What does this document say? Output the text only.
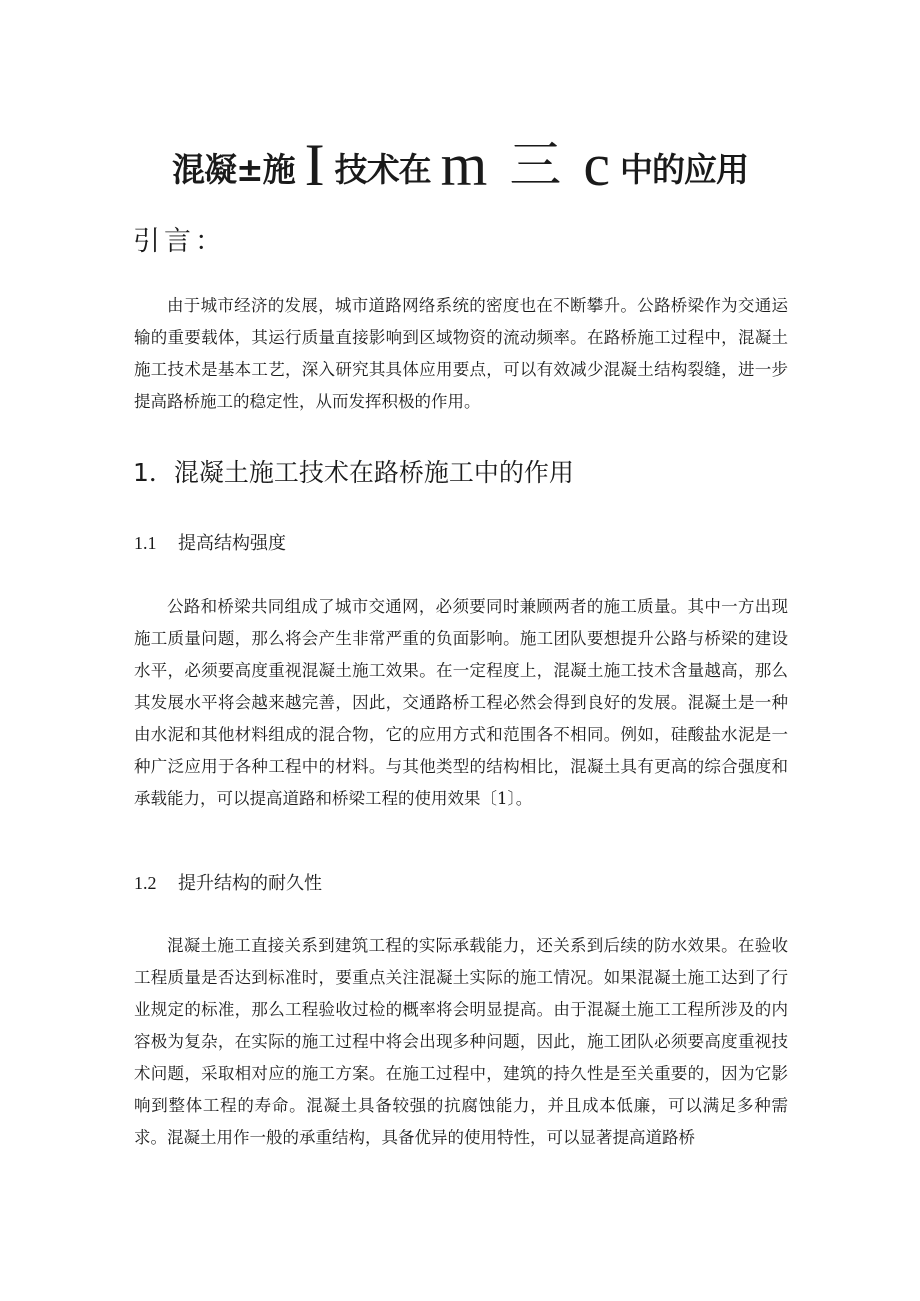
混凝±施 I 技术在 m 三 c 中的应用
引言：

由于城市经济的发展，城市道路网络系统的密度也在不断攀升。公路桥梁作为交通运输的重要载体，其运行质量直接影响到区域物资的流动频率。在路桥施工过程中，混凝土施工技术是基本工艺，深入研究其具体应用要点，可以有效减少混凝土结构裂缝，进一步提高路桥施工的稳定性，从而发挥积极的作用。

1．混凝土施工技术在路桥施工中的作用
1.1 提高结构强度

公路和桥梁共同组成了城市交通网，必须要同时兼顾两者的施工质量。其中一方出现施工质量问题，那么将会产生非常严重的负面影响。施工团队要想提升公路与桥梁的建设水平，必须要高度重视混凝土施工效果。在一定程度上，混凝土施工技术含量越高，那么其发展水平将会越来越完善，因此，交通路桥工程必然会得到良好的发展。混凝土是一种由水泥和其他材料组成的混合物，它的应用方式和范围各不相同。例如，硅酸盐水泥是一种广泛应用于各种工程中的材料。与其他类型的结构相比，混凝土具有更高的综合强度和承载能力，可以提高道路和桥梁工程的使用效果〔1〕。

1.2 提升结构的耐久性

混凝土施工直接关系到建筑工程的实际承载能力，还关系到后续的防水效果。在验收工程质量是否达到标准时，要重点关注混凝土实际的施工情况。如果混凝土施工达到了行业规定的标准，那么工程验收过检的概率将会明显提高。由于混凝土施工工程所涉及的内容极为复杂，在实际的施工过程中将会出现多种问题，因此，施工团队必须要高度重视技术问题，采取相对应的施工方案。在施工过程中，建筑的持久性是至关重要的，因为它影响到整体工程的寿命。混凝土具备较强的抗腐蚀能力，并且成本低廉，可以满足多种需求。混凝土用作一般的承重结构，具备优异的使用特性，可以显著提高道路桥
